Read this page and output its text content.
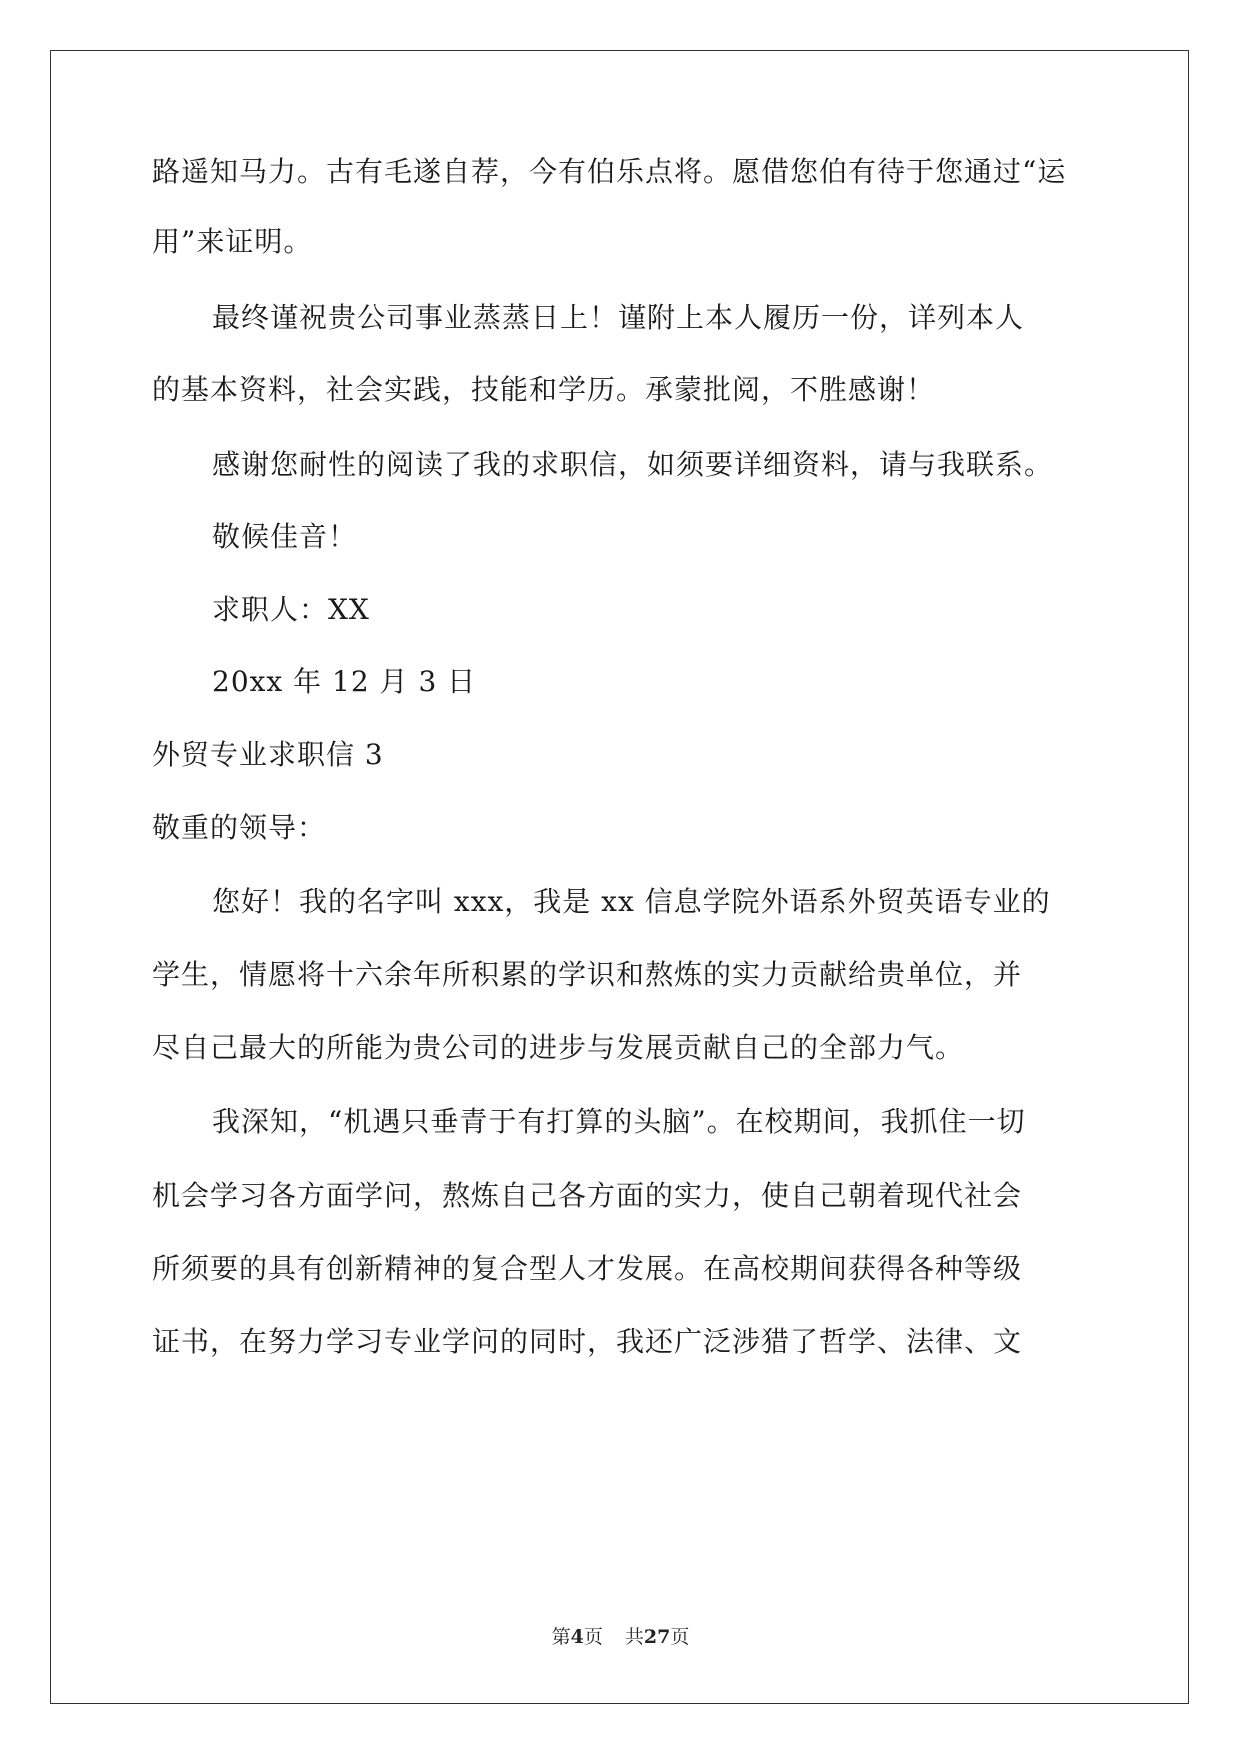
路遥知马力。古有毛遂自荐，今有伯乐点将。愿借您伯有待于您通过“运
用”来证明。
最终谨祝贵公司事业蒸蒸日上！谨附上本人履历一份，详列本人
的基本资料，社会实践，技能和学历。承蒙批阅，不胜感谢！
感谢您耐性的阅读了我的求职信，如须要详细资料，请与我联系。
敬候佳音！
求职人：XX
20xx 年 12 月 3 日
外贸专业求职信 3
敬重的领导：
您好！我的名字叫 xxx，我是 xx 信息学院外语系外贸英语专业的
学生，情愿将十六余年所积累的学识和熬炼的实力贡献给贵单位，并
尽自己最大的所能为贵公司的进步与发展贡献自己的全部力气。
我深知，“机遇只垂青于有打算的头脑”。在校期间，我抓住一切
机会学习各方面学问，熬炼自己各方面的实力，使自己朝着现代社会
所须要的具有创新精神的复合型人才发展。在高校期间获得各种等级
证书，在努力学习专业学问的同时，我还广泛涉猎了哲学、法律、文
第4页 共27页
